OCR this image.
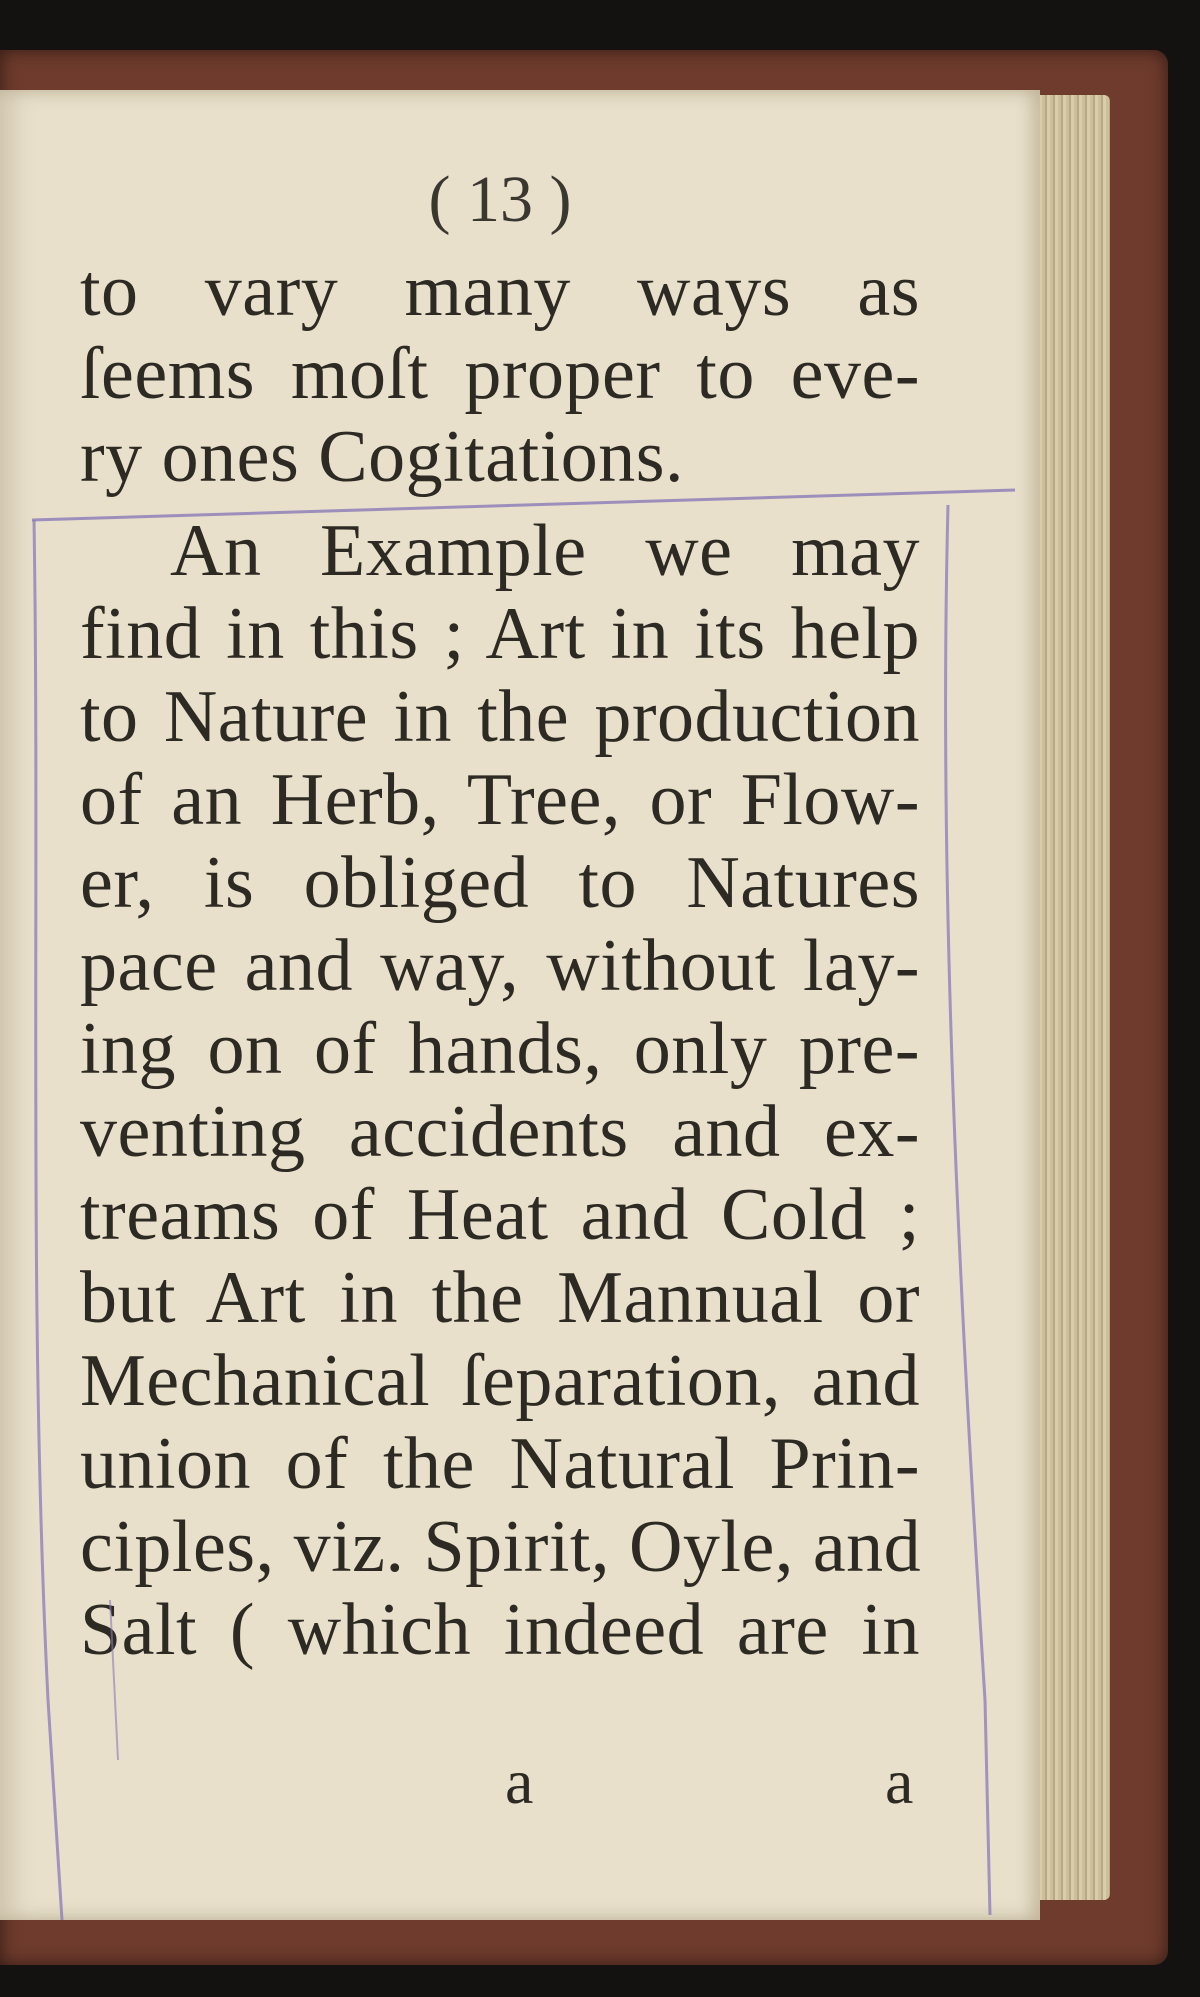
( 13 )
to vary many ways as
ſeems moſt proper to eve-
ry ones Cogitations.
An Example we may
find in this ; Art in its help
to Nature in the production
of an Herb, Tree, or Flow-
er, is obliged to Natures
pace and way, without lay-
ing on of hands, only pre-
venting accidents and ex-
treams of Heat and Cold ;
but Art in the Mannual or
Mechanical ſeparation, and
union of the Natural Prin-
ciples, viz. Spirit, Oyle, and
Salt ( which indeed are in
a	a
